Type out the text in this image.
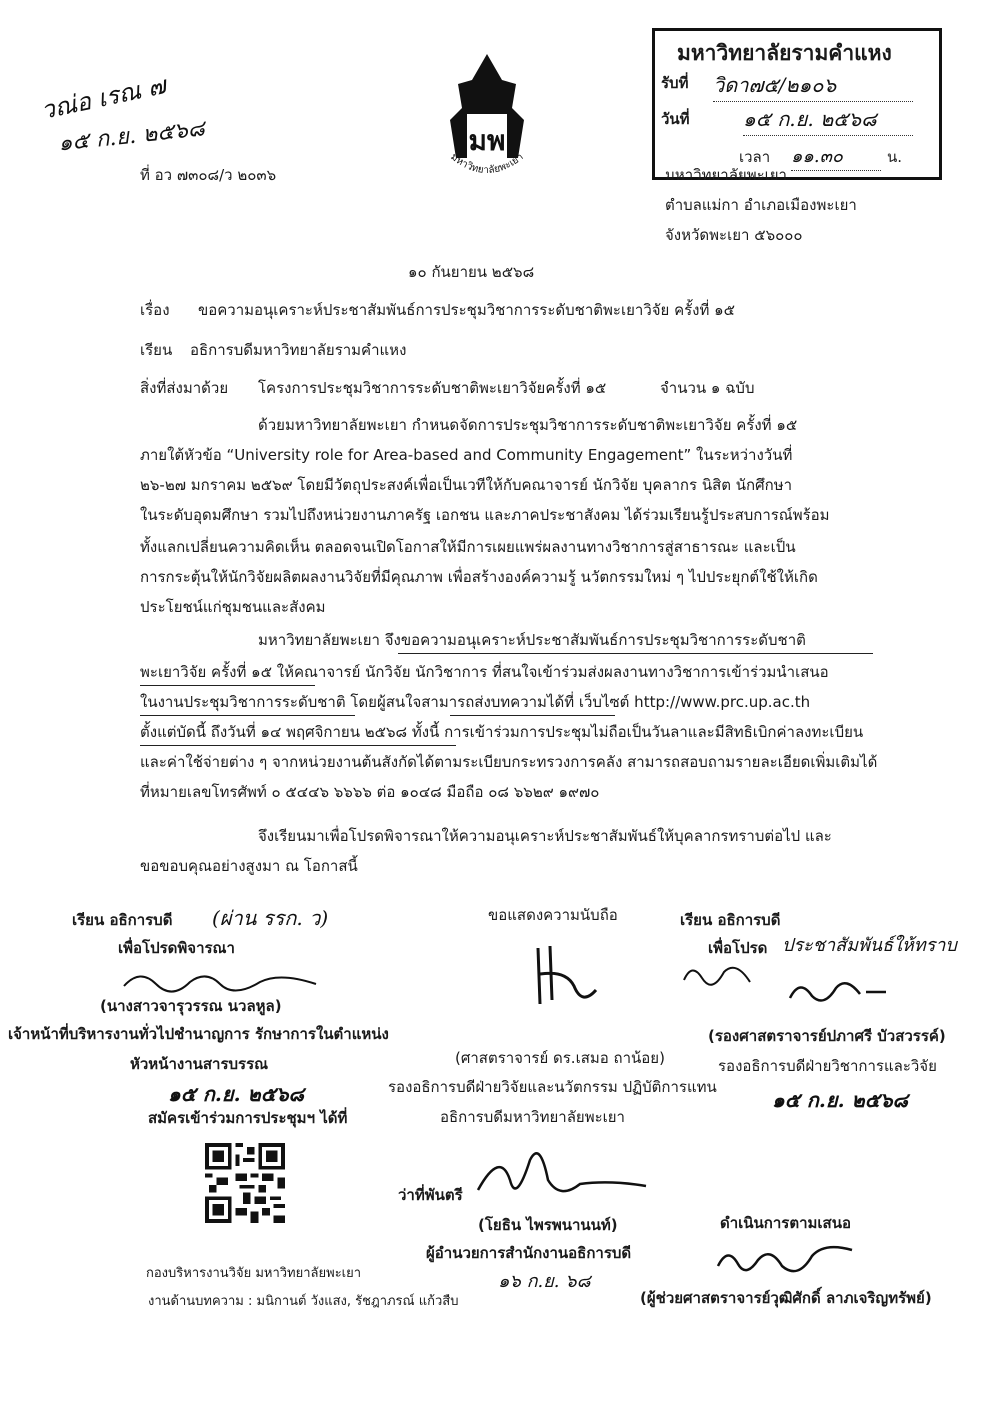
วณ่อ เรณ ๗
๑๕ ก.ย. ๒๕๖๘
ที่ อว ๗๓๐๘/ว ๒๐๓๖
มพ
มหาวิทยาลัยพะเยา
มหาวิทยาลัยรามคำแหง
รับที่ วิดา๗๕/๒๑๐๖
วันที่	๑๕ ก.ย. ๒๕๖๘
เวลา ๑๑.๓๐	น.
มหาวิทยาลัยพะเยา
ตำบลแม่กา อำเภอเมืองพะเยา
จังหวัดพะเยา ๕๖๐๐๐
๑๐ กันยายน ๒๕๖๘
เรื่อง ขอความอนุเคราะห์ประชาสัมพันธ์การประชุมวิชาการระดับชาติพะเยาวิจัย ครั้งที่ ๑๕
เรียน อธิการบดีมหาวิทยาลัยรามคำแหง
สิ่งที่ส่งมาด้วย โครงการประชุมวิชาการระดับชาติพะเยาวิจัยครั้งที่ ๑๕	จำนวน ๑ ฉบับ
ด้วยมหาวิทยาลัยพะเยา กำหนดจัดการประชุมวิชาการระดับชาติพะเยาวิจัย ครั้งที่ ๑๕
ภายใต้หัวข้อ “University role for Area-based and Community Engagement” ในระหว่างวันที่
๒๖-๒๗ มกราคม ๒๕๖๙ โดยมีวัตถุประสงค์เพื่อเป็นเวทีให้กับคณาจารย์ นักวิจัย บุคลากร นิสิต นักศึกษา
ในระดับอุดมศึกษา รวมไปถึงหน่วยงานภาครัฐ เอกชน และภาคประชาสังคม ได้ร่วมเรียนรู้ประสบการณ์พร้อม
ทั้งแลกเปลี่ยนความคิดเห็น ตลอดจนเปิดโอกาสให้มีการเผยแพร่ผลงานทางวิชาการสู่สาธารณะ และเป็น
การกระตุ้นให้นักวิจัยผลิตผลงานวิจัยที่มีคุณภาพ เพื่อสร้างองค์ความรู้ นวัตกรรมใหม่ ๆ ไปประยุกต์ใช้ให้เกิด
ประโยชน์แก่ชุมชนและสังคม
มหาวิทยาลัยพะเยา จึงขอความอนุเคราะห์ประชาสัมพันธ์การประชุมวิชาการระดับชาติ
พะเยาวิจัย ครั้งที่ ๑๕ ให้คณาจารย์ นักวิจัย นักวิชาการ ที่สนใจเข้าร่วมส่งผลงานทางวิชาการเข้าร่วมนำเสนอ
ในงานประชุมวิชาการระดับชาติ โดยผู้สนใจสามารถส่งบทความได้ที่ เว็บไซต์ http://www.prc.up.ac.th
ตั้งแต่บัดนี้ ถึงวันที่ ๑๔ พฤศจิกายน ๒๕๖๘ ทั้งนี้ การเข้าร่วมการประชุมไม่ถือเป็นวันลาและมีสิทธิเบิกค่าลงทะเบียน
และค่าใช้จ่ายต่าง ๆ จากหน่วยงานต้นสังกัดได้ตามระเบียบกระทรวงการคลัง สามารถสอบถามรายละเอียดเพิ่มเติมได้
ที่หมายเลขโทรศัพท์ ๐ ๕๔๔๖ ๖๖๖๖ ต่อ ๑๐๔๘ มือถือ ๐๘ ๖๖๒๙ ๑๙๗๐
จึงเรียนมาเพื่อโปรดพิจารณาให้ความอนุเคราะห์ประชาสัมพันธ์ให้บุคลากรทราบต่อไป และ
ขอขอบคุณอย่างสูงมา ณ โอกาสนี้
เรียน อธิการบดี (ผ่าน รรก. ว)
เพื่อโปรดพิจารณา
(นางสาวจารุวรรณ นวลหูล)
เจ้าหน้าที่บริหารงานทั่วไปชำนาญการ รักษาการในตำแหน่ง
หัวหน้างานสารบรรณ
๑๕ ก.ย. ๒๕๖๘
สมัครเข้าร่วมการประชุมฯ ได้ที่
ขอแสดงความนับถือ
(ศาสตราจารย์ ดร.เสมอ ถาน้อย)
รองอธิการบดีฝ่ายวิจัยและนวัตกรรม ปฏิบัติการแทน
อธิการบดีมหาวิทยาลัยพะเยา
เรียน อธิการบดี
เพื่อโปรด ประชาสัมพันธ์ให้ทราบ
(รองศาสตราจารย์ปภาศรี บัวสวรรค์)
รองอธิการบดีฝ่ายวิชาการและวิจัย
๑๕ ก.ย. ๒๕๖๘
ว่าที่พันตรี
(โยธิน ไพรพนานนท์)
ผู้อำนวยการสำนักงานอธิการบดี
๑๖ ก.ย. ๖๘
ดำเนินการตามเสนอ
(ผู้ช่วยศาสตราจารย์วุฒิศักดิ์ ลาภเจริญทรัพย์)
กองบริหารงานวิจัย มหาวิทยาลัยพะเยา
งานด้านบทความ : มนิกานต์ วังแสง, รัชฎาภรณ์ แก้วสืบ
